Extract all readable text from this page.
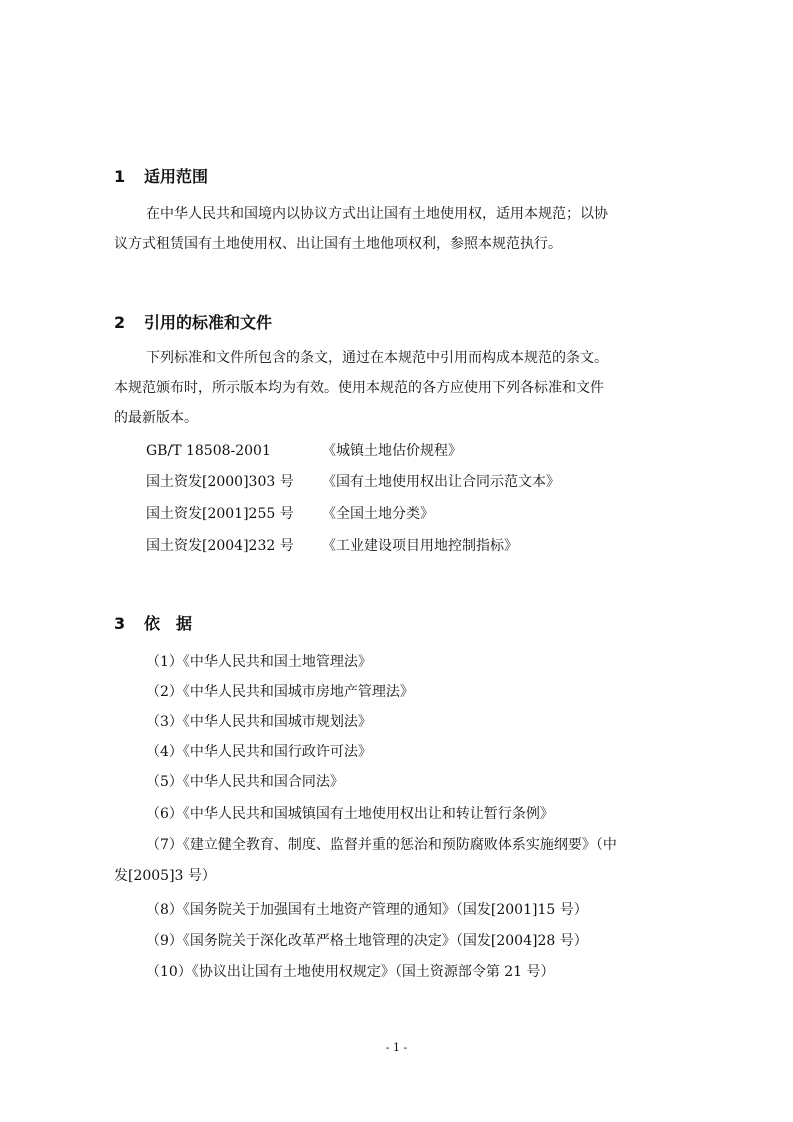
1 适用范围
在中华人民共和国境内以协议方式出让国有土地使用权，适用本规范；以协
议方式租赁国有土地使用权、出让国有土地他项权利，参照本规范执行。
2 引用的标准和文件
下列标准和文件所包含的条文，通过在本规范中引用而构成本规范的条文。
本规范颁布时，所示版本均为有效。使用本规范的各方应使用下列各标准和文件
的最新版本。
GB/T 18508-2001	《城镇土地估价规程》
国土资发[2000]303 号 《国有土地使用权出让合同示范文本》
国土资发[2001]255 号 《全国土地分类》
国土资发[2004]232 号 《工业建设项目用地控制指标》
3 依　据
（1）《中华人民共和国土地管理法》
（2）《中华人民共和国城市房地产管理法》
（3）《中华人民共和国城市规划法》
（4）《中华人民共和国行政许可法》
（5）《中华人民共和国合同法》
（6）《中华人民共和国城镇国有土地使用权出让和转让暂行条例》
（7）《建立健全教育、制度、监督并重的惩治和预防腐败体系实施纲要》（中
发[2005]3 号）
（8）《国务院关于加强国有土地资产管理的通知》（国发[2001]15 号）
（9）《国务院关于深化改革严格土地管理的决定》（国发[2004]28 号）
（10）《协议出让国有土地使用权规定》（国土资源部令第 21 号）
- 1 -
